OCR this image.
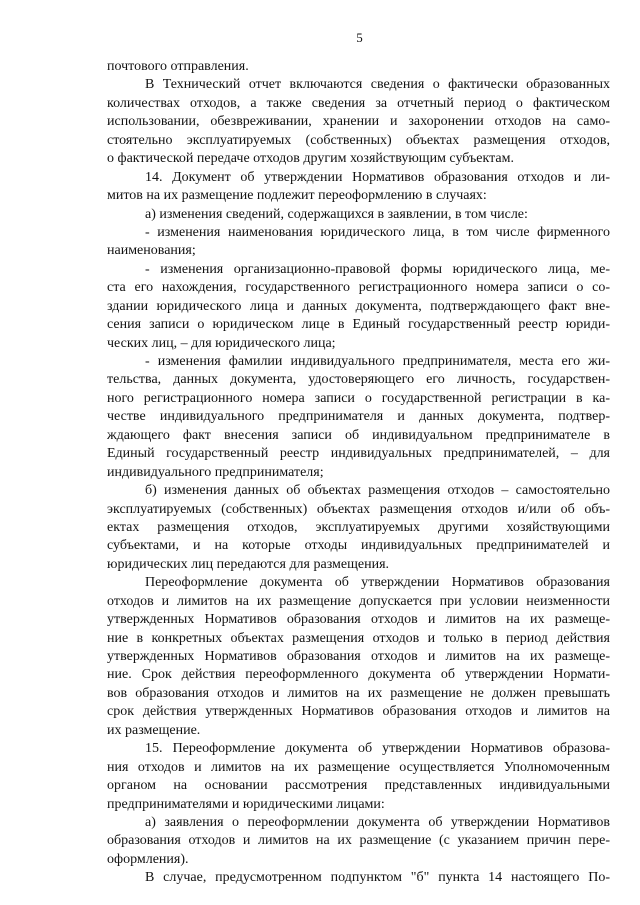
5
почтового отправления.
В Технический отчет включаются сведения о фактически образованных
количествах отходов, а также сведения за отчетный период о фактическом
использовании, обезвреживании, хранении и захоронении отходов на само-
стоятельно эксплуатируемых (собственных) объектах размещения отходов,
о фактической передаче отходов другим хозяйствующим субъектам.
14. Документ об утверждении Нормативов образования отходов и ли-
митов на их размещение подлежит переоформлению в случаях:
а) изменения сведений, содержащихся в заявлении, в том числе:
- изменения наименования юридического лица, в том числе фирменного
наименования;
- изменения организационно-правовой формы юридического лица, ме-
ста его нахождения, государственного регистрационного номера записи о со-
здании юридического лица и данных документа, подтверждающего факт вне-
сения записи о юридическом лице в Единый государственный реестр юриди-
ческих лиц, – для юридического лица;
- изменения фамилии индивидуального предпринимателя, места его жи-
тельства, данных документа, удостоверяющего его личность, государствен-
ного регистрационного номера записи о государственной регистрации в ка-
честве индивидуального предпринимателя и данных документа, подтвер-
ждающего факт внесения записи об индивидуальном предпринимателе в
Единый государственный реестр индивидуальных предпринимателей, – для
индивидуального предпринимателя;
б) изменения данных об объектах размещения отходов – самостоятельно
эксплуатируемых (собственных) объектах размещения отходов и/или об объ-
ектах размещения отходов, эксплуатируемых другими хозяйствующими
субъектами, и на которые отходы индивидуальных предпринимателей и
юридических лиц передаются для размещения.
Переоформление документа об утверждении Нормативов образования
отходов и лимитов на их размещение допускается при условии неизменности
утвержденных Нормативов образования отходов и лимитов на их размеще-
ние в конкретных объектах размещения отходов и только в период действия
утвержденных Нормативов образования отходов и лимитов на их размеще-
ние. Срок действия переоформленного документа об утверждении Нормати-
вов образования отходов и лимитов на их размещение не должен превышать
срок действия утвержденных Нормативов образования отходов и лимитов на
их размещение.
15. Переоформление документа об утверждении Нормативов образова-
ния отходов и лимитов на их размещение осуществляется Уполномоченным
органом на основании рассмотрения представленных индивидуальными
предпринимателями и юридическими лицами:
а) заявления о переоформлении документа об утверждении Нормативов
образования отходов и лимитов на их размещение (с указанием причин пере-
оформления).
В случае, предусмотренном подпунктом "б" пункта 14 настоящего По-
